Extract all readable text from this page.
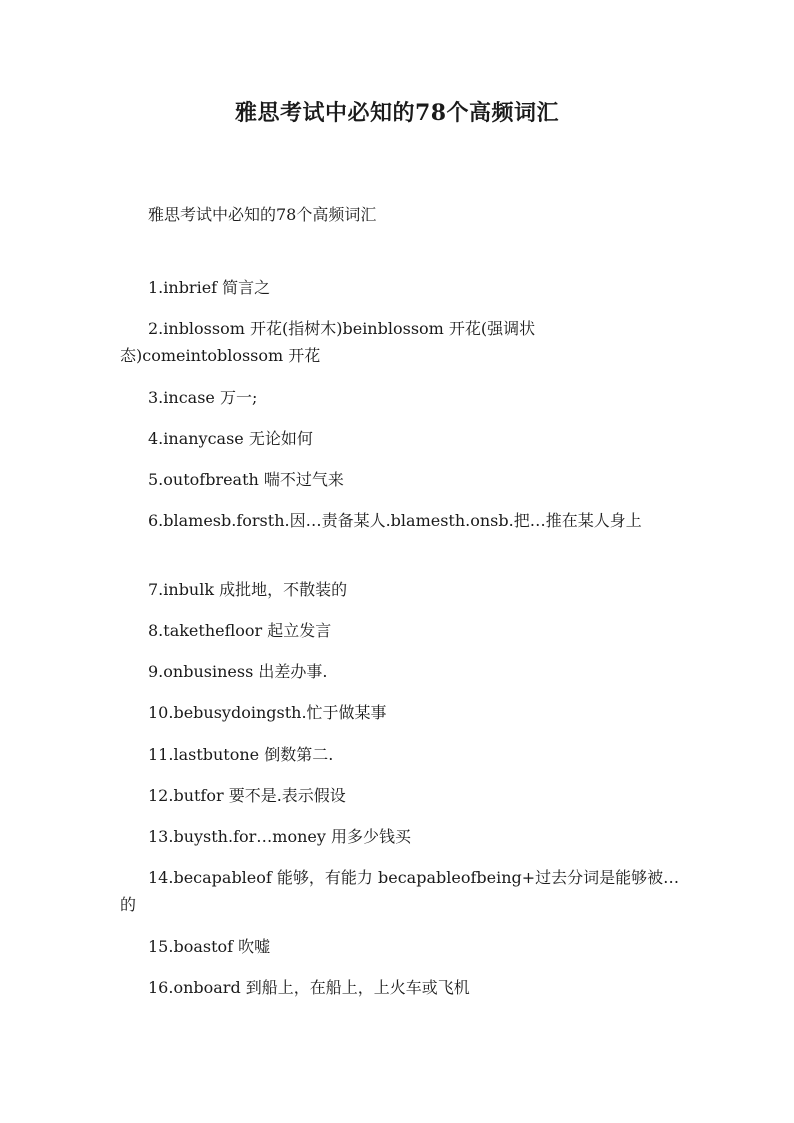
雅思考试中必知的78个高频词汇

雅思考试中必知的78个高频词汇

1.inbrief 简言之

2.inblossom 开花(指树木)beinblossom 开花(强调状态)comeintoblossom 开花

3.incase 万一;

4.inanycase 无论如何

5.outofbreath 喘不过气来

6.blamesb.forsth.因…责备某人.blamesth.onsb.把…推在某人身上

7.inbulk 成批地，不散装的

8.takethefloor 起立发言

9.onbusiness 出差办事.

10.bebusydoingsth.忙于做某事

11.lastbutone 倒数第二.

12.butfor 要不是.表示假设

13.buysth.for…money 用多少钱买

14.becapableof 能够，有能力 becapableofbeing+过去分词是能够被…的

15.boastof 吹嘘

16.onboard 到船上，在船上，上火车或飞机
